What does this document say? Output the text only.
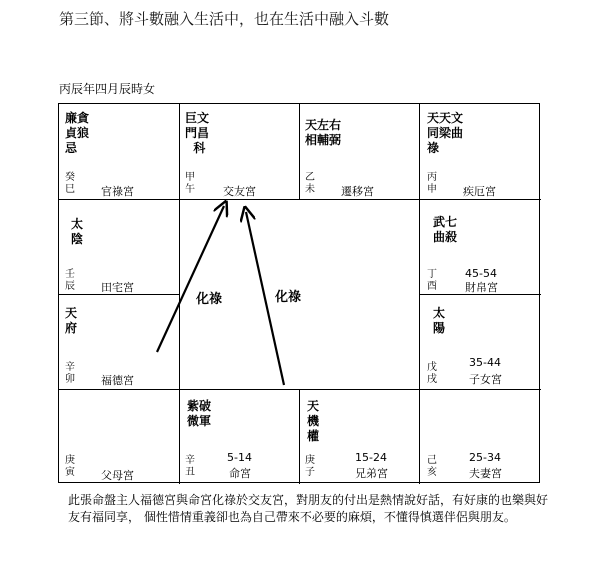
第三節、將斗數融入生活中，也在生活中融入斗數
丙辰年四月辰時女
廉貪
貞狼
忌
癸
巳 官祿宮
巨文
門昌
科
甲
午	交友宮
天左右
相輔弼
乙
未 遷移宮
天天文
同梁曲
祿
丙
申 疾厄宮
太
陰
壬
辰 田宅宮
武七
曲殺
45-54
丁
酉	財帛宮
天
府
辛
卯 福德宮
太
陽
35-44
戊
戌	子女宮
庚
寅 父母宮
紫破
微軍
5-14
辛
丑	命宮
天
機
權
15-24
庚
子	兄弟宮
25-34
己
亥	夫妻宮
化祿	化祿
此張命盤主人福德宮與命宮化祿於交友宮，對朋友的付出是熱情說好話，有好康的也樂與好友有福同享， 個性惜情重義卻也為自己帶來不必要的麻煩，不懂得慎選伴侶與朋友。
